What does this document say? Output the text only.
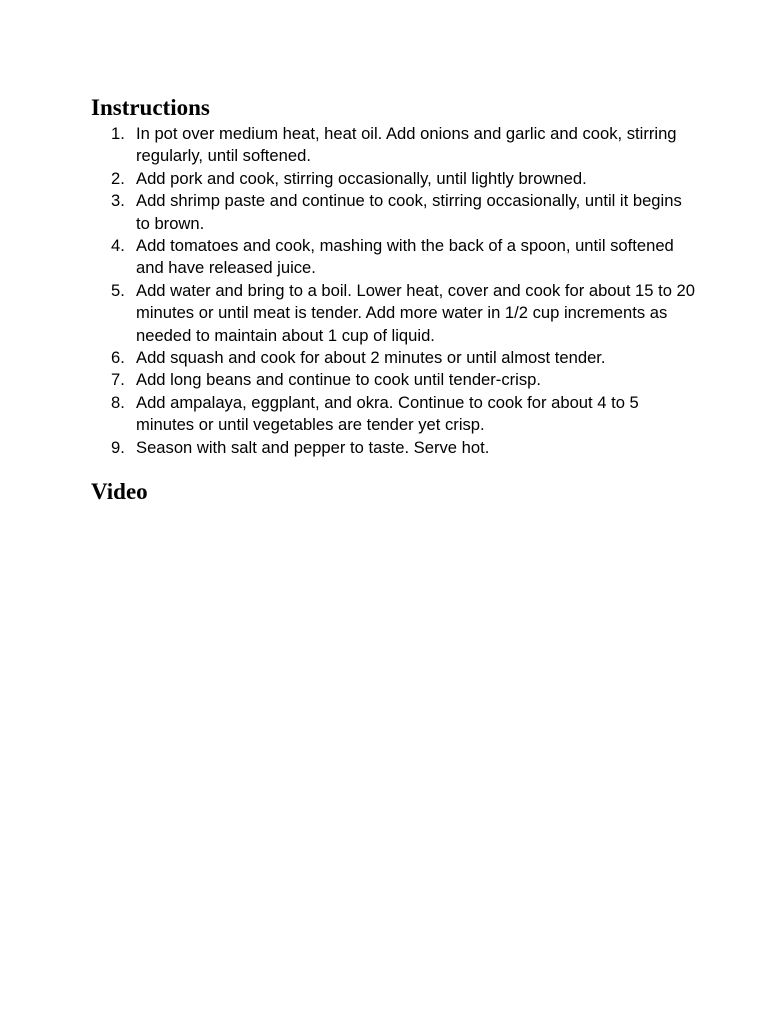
Instructions
1. In pot over medium heat, heat oil. Add onions and garlic and cook, stirring regularly, until softened.
2. Add pork and cook, stirring occasionally, until lightly browned.
3. Add shrimp paste and continue to cook, stirring occasionally, until it begins to brown.
4. Add tomatoes and cook, mashing with the back of a spoon, until softened and have released juice.
5. Add water and bring to a boil. Lower heat, cover and cook for about 15 to 20 minutes or until meat is tender. Add more water in 1/2 cup increments as needed to maintain about 1 cup of liquid.
6. Add squash and cook for about 2 minutes or until almost tender.
7. Add long beans and continue to cook until tender-crisp.
8. Add ampalaya, eggplant, and okra. Continue to cook for about 4 to 5 minutes or until vegetables are tender yet crisp.
9. Season with salt and pepper to taste. Serve hot.
Video
